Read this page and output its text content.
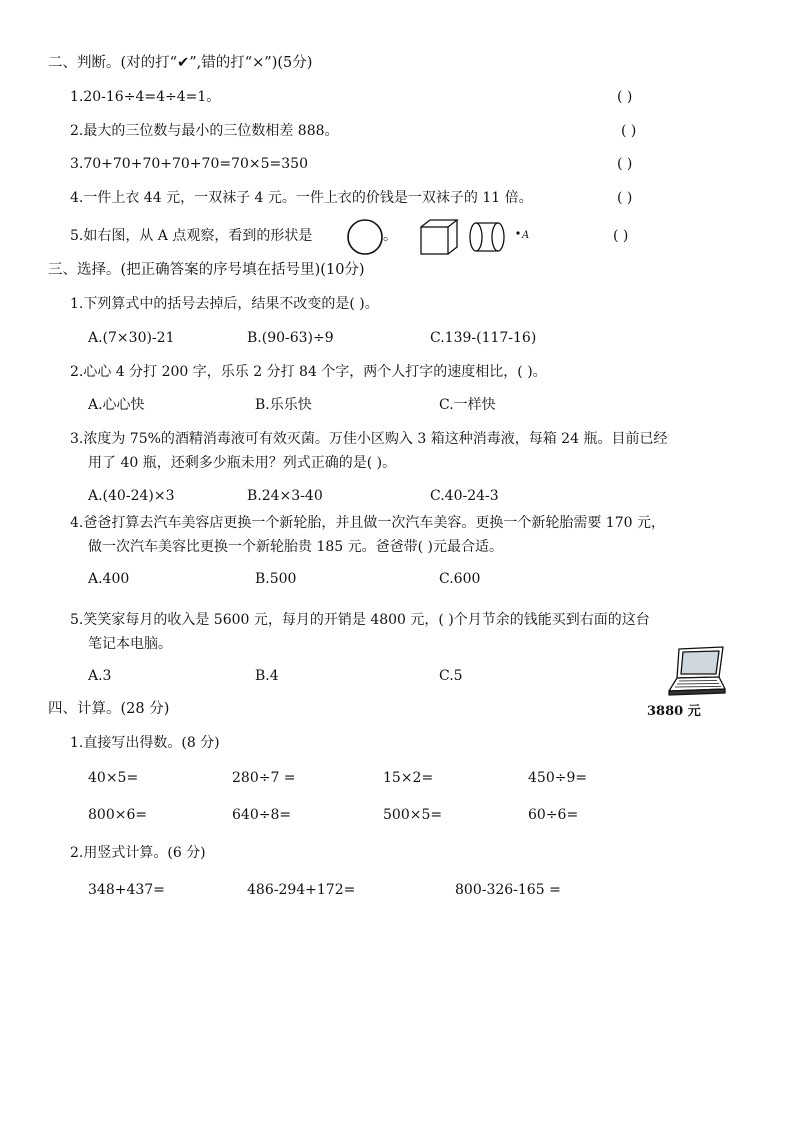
二、判断。(对的打“✔”,错的打“×”)(5分)
1.20-16÷4=4÷4=1。	( )
2.最大的三位数与最小的三位数相差 888。	( )
3.70+70+70+70+70=70×5=350	( )
4.一件上衣 44 元，一双袜子 4 元。一件上衣的价钱是一双袜子的 11 倍。	( )
5.如右图，从 A 点观察，看到的形状是	。	A	( )
三、选择。(把正确答案的序号填在括号里)(10分)
1.下列算式中的括号去掉后，结果不改变的是( )。
A.(7×30)-21	B.(90-63)÷9	C.139-(117-16)
2.心心 4 分打 200 字，乐乐 2 分打 84 个字，两个人打字的速度相比，( )。
A.心心快	B.乐乐快	C.一样快
3.浓度为 75%的酒精消毒液可有效灭菌。万佳小区购入 3 箱这种消毒液，每箱 24 瓶。目前已经
用了 40 瓶，还剩多少瓶未用？列式正确的是( )。
A.(40-24)×3	B.24×3-40	C.40-24-3
4.爸爸打算去汽车美容店更换一个新轮胎，并且做一次汽车美容。更换一个新轮胎需要 170 元，
做一次汽车美容比更换一个新轮胎贵 185 元。爸爸带( )元最合适。
A.400	B.500	C.600
5.笑笑家每月的收入是 5600 元，每月的开销是 4800 元，( )个月节余的钱能买到右面的这台
笔记本电脑。
A.3	B.4	C.5
3880 元
四、计算。(28 分)
1.直接写出得数。(8 分)
40×5=	280÷7 =	15×2=	450÷9=
800×6=	640÷8=	500×5=	60÷6=
2.用竖式计算。(6 分)
348+437=	486-294+172=	800-326-165 =
